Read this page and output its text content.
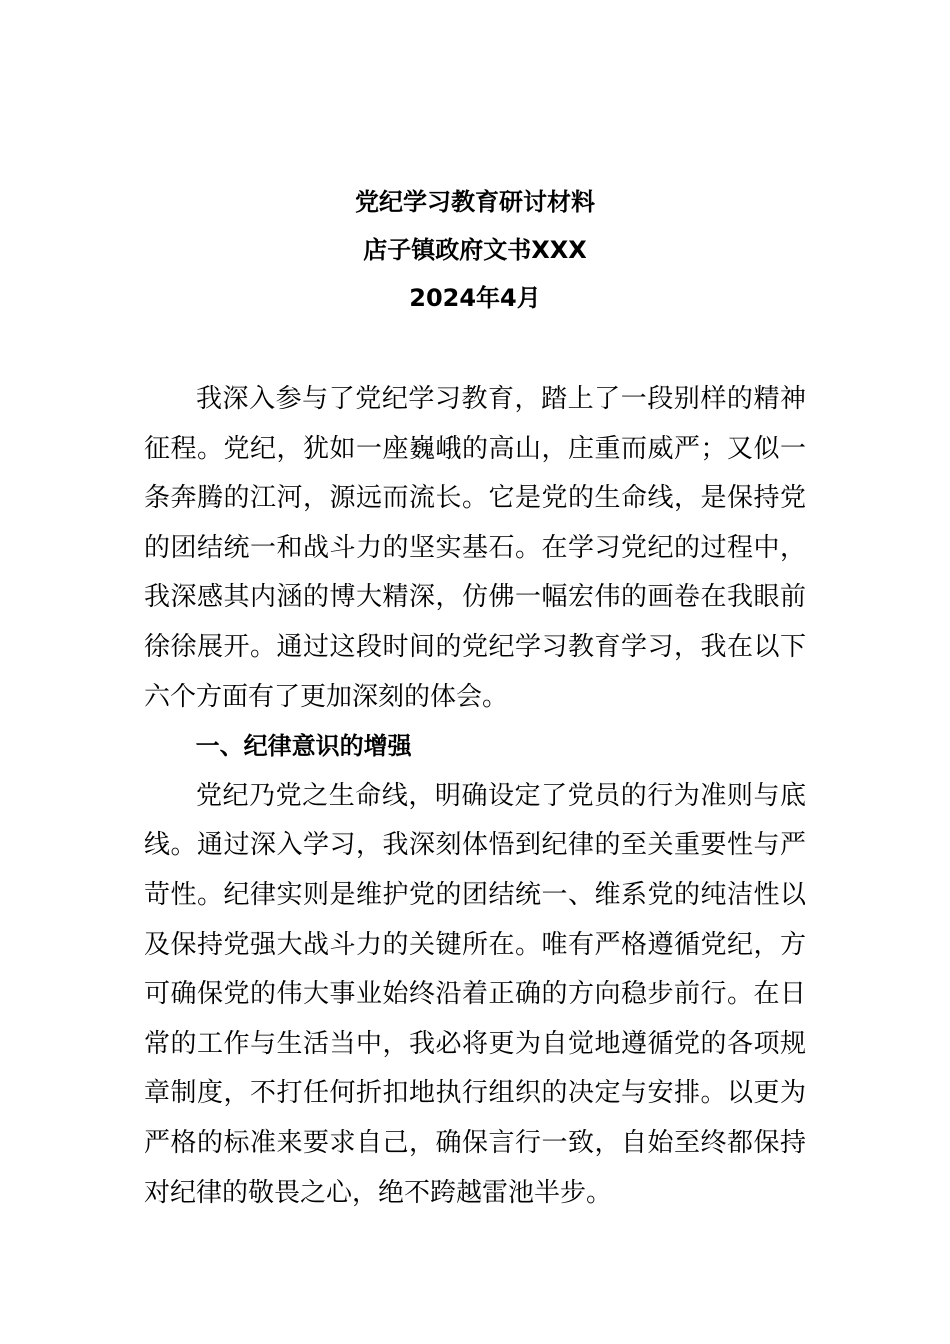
党纪学习教育研讨材料
店子镇政府文书XXX
2024年4月

我深入参与了党纪学习教育，踏上了一段别样的精神征程。党纪，犹如一座巍峨的高山，庄重而威严；又似一条奔腾的江河，源远而流长。它是党的生命线，是保持党的团结统一和战斗力的坚实基石。在学习党纪的过程中，我深感其内涵的博大精深，仿佛一幅宏伟的画卷在我眼前徐徐展开。通过这段时间的党纪学习教育学习，我在以下六个方面有了更加深刻的体会。

一、纪律意识的增强

党纪乃党之生命线，明确设定了党员的行为准则与底线。通过深入学习，我深刻体悟到纪律的至关重要性与严苛性。纪律实则是维护党的团结统一、维系党的纯洁性以及保持党强大战斗力的关键所在。唯有严格遵循党纪，方可确保党的伟大事业始终沿着正确的方向稳步前行。在日常的工作与生活当中，我必将更为自觉地遵循党的各项规章制度，不打任何折扣地执行组织的决定与安排。以更为严格的标准来要求自己，确保言行一致，自始至终都保持对纪律的敬畏之心，绝不跨越雷池半步。
